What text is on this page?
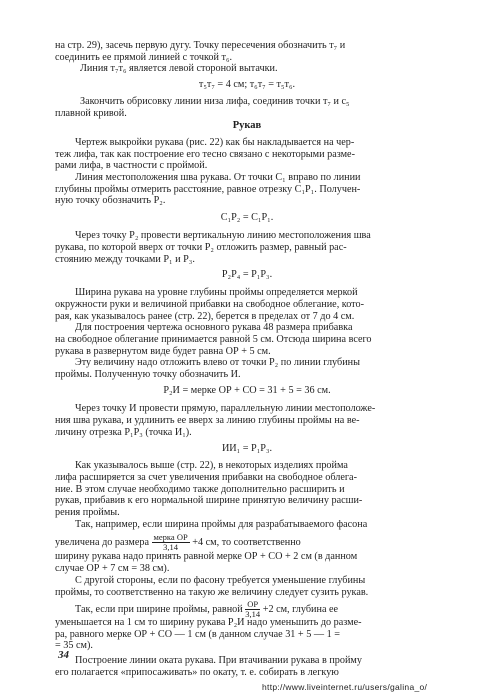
на стр. 29), засечь первую дугу. Точку пересечения обозначить т₇ и
соединить ее прямой линией с точкой т₆.
Линия т₇т₆ является левой стороной вытачки.
т₅т₇ = 4 см; т₆т₇ = т₅т₆.
Закончить обрисовку линии низа лифа, соединив точки т₇ и с₅
плавной кривой.
Рукав
Чертеж выкройки рукава (рис. 22) как бы накладывается на чер-
теж лифа, так как построение его тесно связано с некоторыми разме-
рами лифа, в частности с проймой.
Линия местоположения шва рукава. От точки С₁ вправо по линии
глубины проймы отмерить расстояние, равное отрезку С₁Р₁. Получен-
ную точку обозначить Р₂.
С₁Р₂ = С₁Р₁.
Через точку Р₂ провести вертикальную линию местоположения шва
рукава, по которой вверх от точки Р₂ отложить размер, равный рас-
стоянию между точками Р₁ и Р₃.
Р₂Р₄ = Р₁Р₃.
Ширина рукава на уровне глубины проймы определяется меркой
окружности руки и величиной прибавки на свободное облегание, кото-
рая, как указывалось ранее (стр. 22), берется в пределах от 7 до 4 см.
Для построения чертежа основного рукава 48 размера прибавка
на свободное облегание принимается равной 5 см. Отсюда ширина всего
рукава в развернутом виде будет равна ОР + 5 см.
Эту величину надо отложить влево от точки Р₂ по линии глубины
проймы. Полученную точку обозначить И.
Р₂И = мерке ОР + СО = 31 + 5 = 36 см.
Через точку И провести прямую, параллельную линии местоположе-
ния шва рукава, и удлинить ее вверх за линию глубины проймы на ве-
личину отрезка Р₁Р₃ (точка И₁).
ИИ₁ = Р₁Р₃.
Как указывалось выше (стр. 22), в некоторых изделиях пройма
лифа расширяется за счет увеличения прибавки на свободное облега-
ние. В этом случае необходимо также дополнительно расширить и
рукав, прибавив к его нормальной ширине принятую величину расши-
рения проймы.
Так, например, если ширина проймы для разрабатываемого фасона
увеличена до размера $\frac{\text{мерка ОР}}{3,14} +4$ см, то соответственно
ширину рукава надо принять равной мерке ОР + СО + 2 см (в данном
случае ОР + 7 см = 38 см).
С другой стороны, если по фасону требуется уменьшение глубины
проймы, то соответственно на такую же величину следует сузить рукав.
Так, если при ширине проймы, равной $\frac{ОР}{3,14} +2$ см, глубина ее
уменьшается на 1 см то ширину рукава Р₂И надо уменьшить до разме-
ра, равного мерке ОР + СО — 1 см (в данном случае 31 + 5 — 1 =
= 35 см).
34 Построение линии оката рукава. При втачивании рукава в пройму
его полагается «припосаживать» по окату, т. е. собирать в легкую
http://www.liveinternet.ru/users/galina_o/
